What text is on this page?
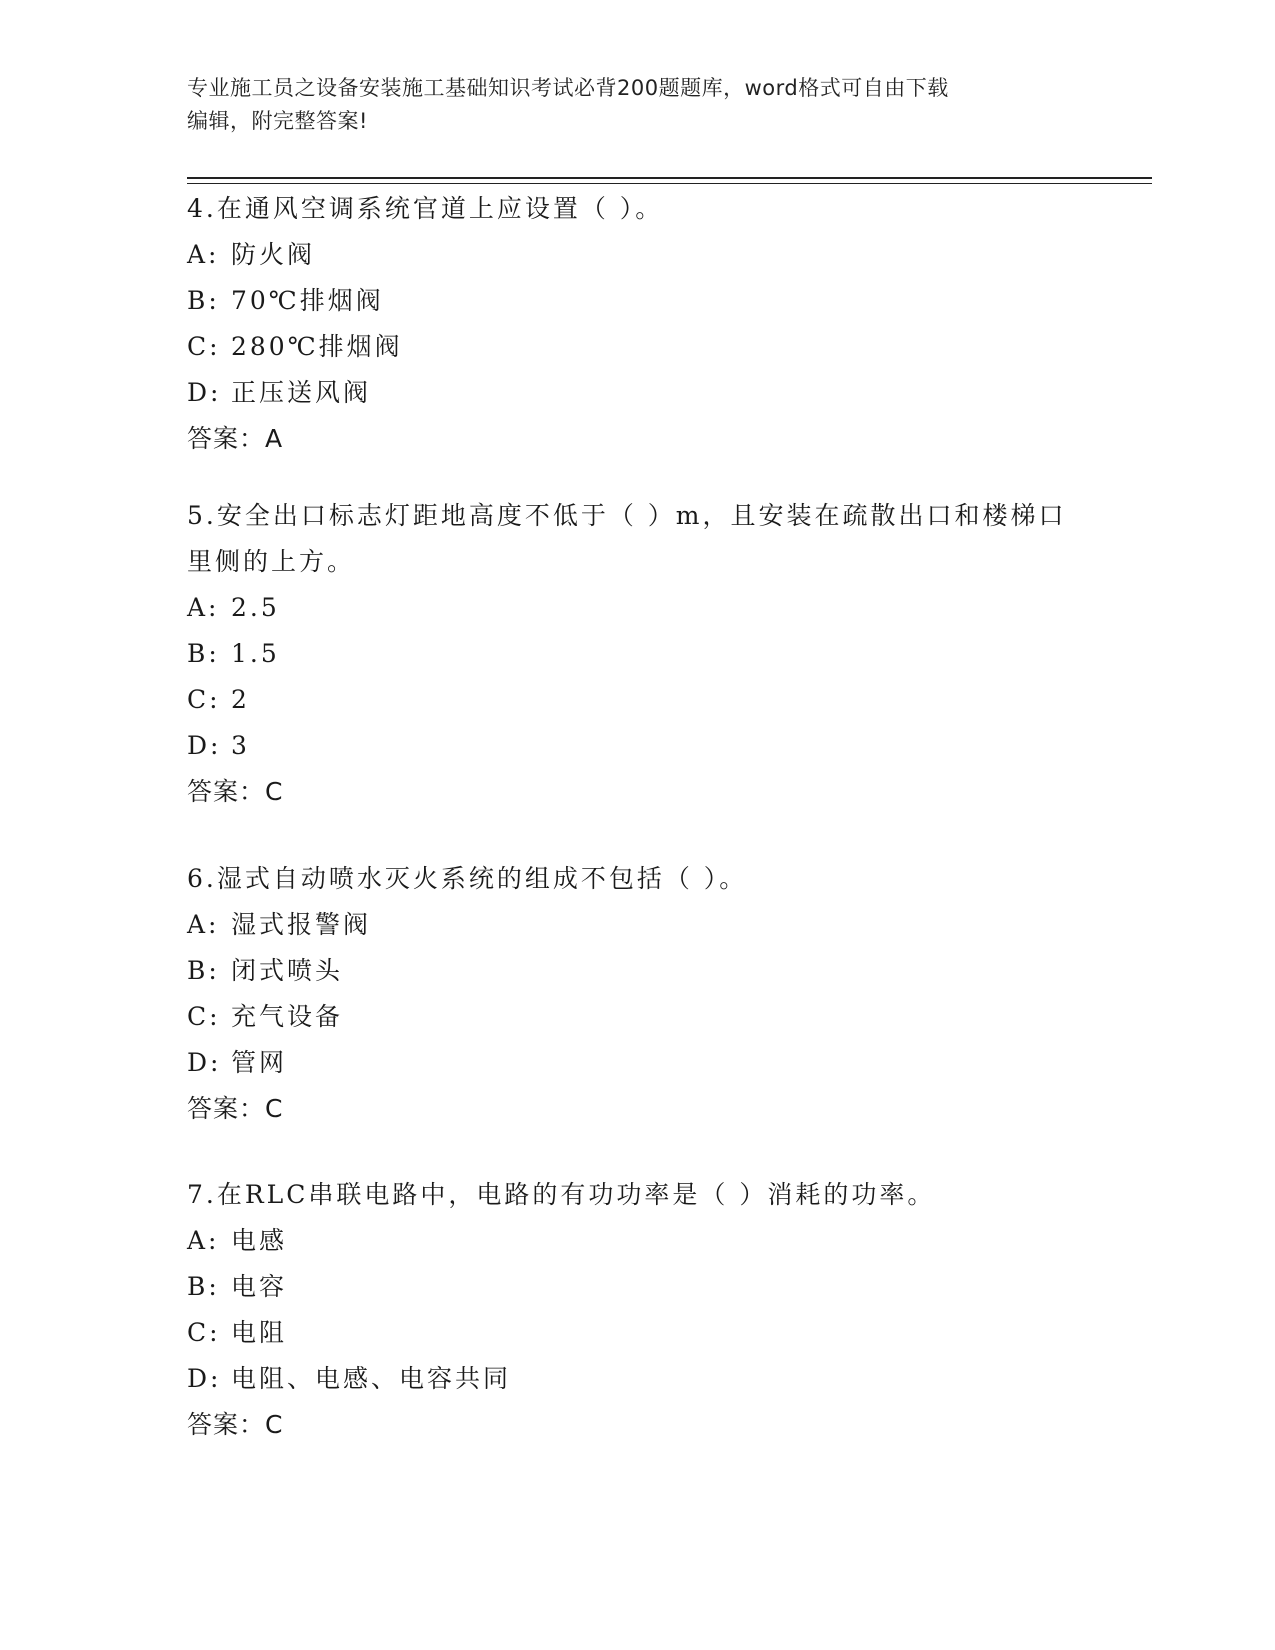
专业施工员之设备安装施工基础知识考试必背200题题库，word格式可自由下载
编辑，附完整答案!
4.在通风空调系统官道上应设置（ ）。
A: 防火阀
B: 70℃排烟阀
C: 280℃排烟阀
D: 正压送风阀
答案：A
5.安全出口标志灯距地高度不低于（ ）m，且安装在疏散出口和楼梯口里侧的上方。
A: 2.5
B: 1.5
C: 2
D: 3
答案：C
6.湿式自动喷水灭火系统的组成不包括（ ）。
A: 湿式报警阀
B: 闭式喷头
C: 充气设备
D: 管网
答案：C
7.在RLC串联电路中，电路的有功功率是（ ）消耗的功率。
A: 电感
B: 电容
C: 电阻
D: 电阻、电感、电容共同
答案：C
